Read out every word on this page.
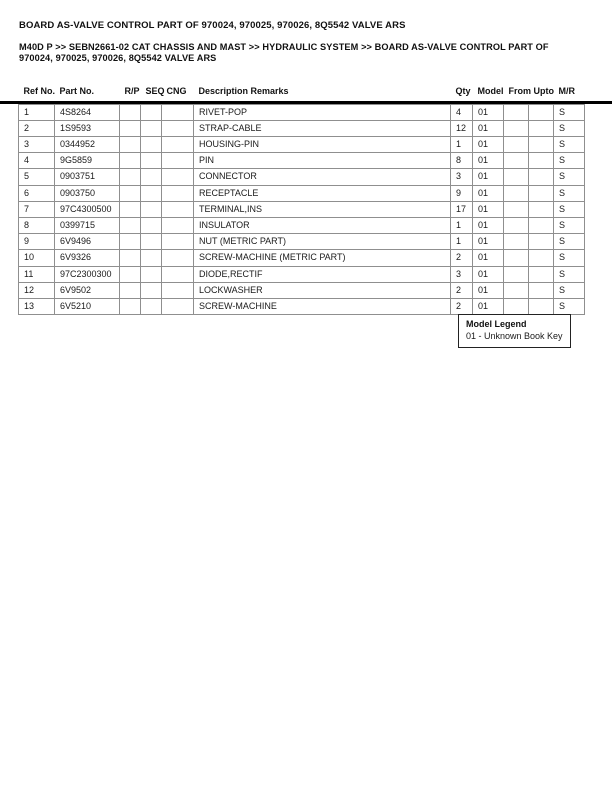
BOARD AS-VALVE CONTROL PART OF 970024, 970025, 970026, 8Q5542 VALVE ARS
M40D P >> SEBN2661-02 CAT CHASSIS AND MAST >> HYDRAULIC SYSTEM >> BOARD AS-VALVE CONTROL PART OF 970024, 970025, 970026, 8Q5542 VALVE ARS
Ref No.	Part No.	R/P	SEQ	CNG	Description Remarks	Qty	Model	From	Upto	M/R
1	4S8264				RIVET-POP	4	01			S
2	1S9593				STRAP-CABLE	12	01			S
3	0344952				HOUSING-PIN	1	01			S
4	9G5859				PIN	8	01			S
5	0903751				CONNECTOR	3	01			S
6	0903750				RECEPTACLE	9	01			S
7	97C4300500				TERMINAL,INS	17	01			S
8	0399715				INSULATOR	1	01			S
9	6V9496				NUT (METRIC PART)	1	01			S
10	6V9326				SCREW-MACHINE (METRIC PART)	2	01			S
11	97C2300300				DIODE,RECTIF	3	01			S
12	6V9502				LOCKWASHER	2	01			S
13	6V5210				SCREW-MACHINE	2	01			S
Model Legend
01 - Unknown Book Key
